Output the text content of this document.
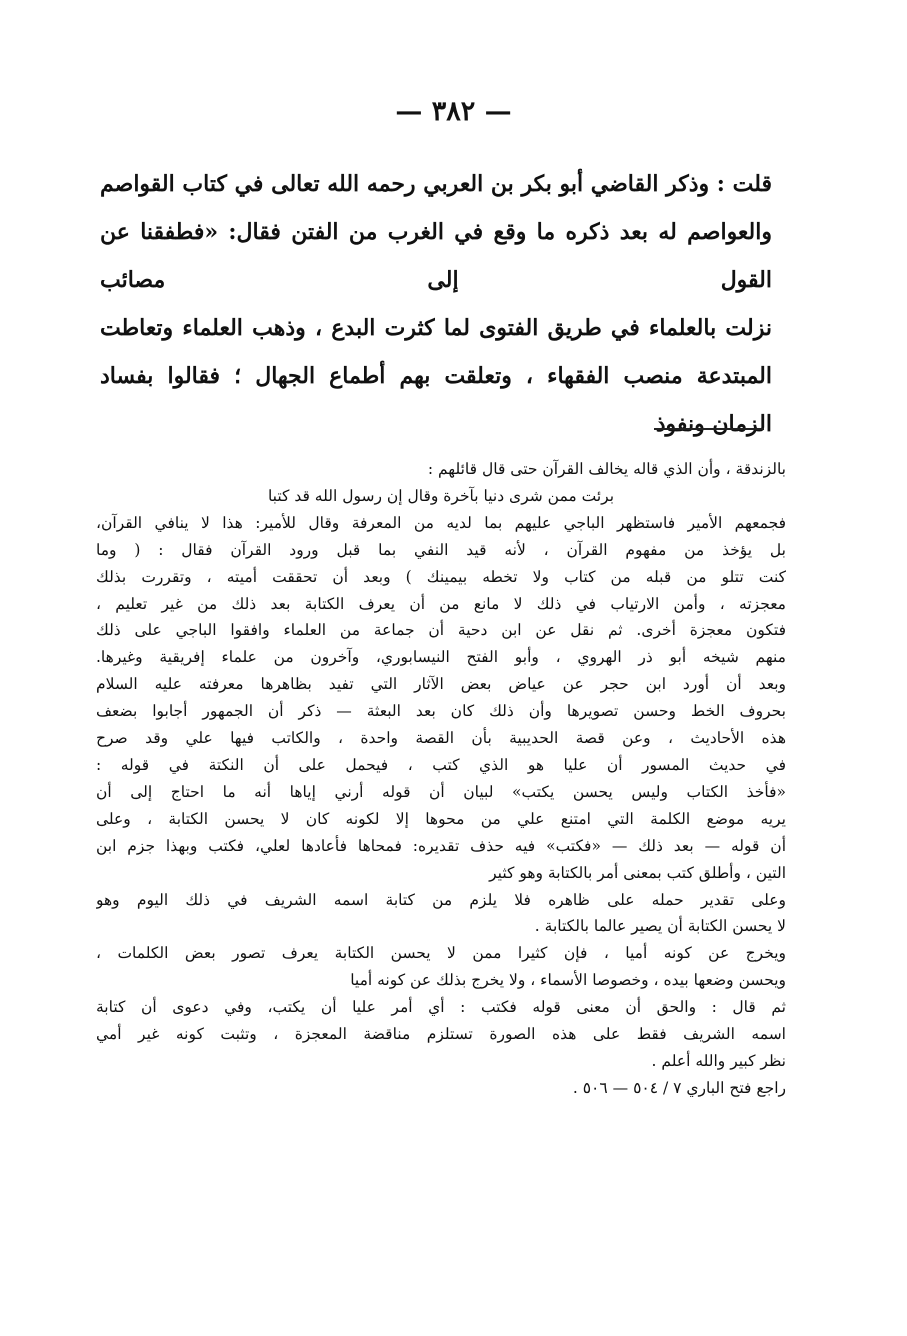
— ٣٨٢ —

قلت : وذكر القاضي أبو بكر بن العربي رحمه الله تعالى في كتاب القواصم

والعواصم له بعد ذكره ما وقع في الغرب من الفتن فقال: «فطفقنا عن القول إلى مصائب

نزلت بالعلماء في طريق الفتوى لما كثرت البدع ، وذهب العلماء وتعاطت

المبتدعة منصب الفقهاء ، وتعلقت بهم أطماع الجهال ؛ فقالوا بفساد الزمان ونفوذ

بالزندقة ، وأن الذي قاله يخالف القرآن حتى قال قائلهم :

برئت ممن شرى دنيا بآخرة وقال إن رسول الله قد كتبا

فجمعهم الأمير فاستظهر الباجي عليهم بما لديه من المعرفة وقال للأمير: هذا لا ينافي القرآن،

بل يؤخذ من مفهوم القرآن ، لأنه قيد النفي بما قبل ورود القرآن فقال : ( وما

كنت تتلو من قبله من كتاب ولا تخطه بيمينك ) وبعد أن تحققت أميته ، وتقررت بذلك

معجزته ، وأمن الارتياب في ذلك لا مانع من أن يعرف الكتابة بعد ذلك من غير تعليم ،

فتكون معجزة أخرى. ثم نقل عن ابن دحية أن جماعة من العلماء وافقوا الباجي على ذلك

منهم شيخه أبو ذر الهروي ، وأبو الفتح النيسابوري، وآخرون من علماء إفريقية وغيرها.

وبعد أن أورد ابن حجر عن عياض بعض الآثار التي تفيد بظاهرها معرفته عليه السلام

بحروف الخط وحسن تصويرها وأن ذلك كان بعد البعثة — ذكر أن الجمهور أجابوا بضعف

هذه الأحاديث ، وعن قصة الحديبية بأن القصة واحدة ، والكاتب فيها علي وقد صرح

في حديث المسور أن عليا هو الذي كتب ، فيحمل على أن النكتة في قوله :

«فأخذ الكتاب وليس يحسن يكتب» لبيان أن قوله أرني إياها أنه ما احتاج إلى أن

يريه موضع الكلمة التي امتنع علي من محوها إلا لكونه كان لا يحسن الكتابة ، وعلى

أن قوله — بعد ذلك — «فكتب» فيه حذف تقديره: فمحاها فأعادها لعلي، فكتب وبهذا جزم ابن

التين ، وأطلق كتب بمعنى أمر بالكتابة وهو كثير

وعلى تقدير حمله على ظاهره فلا يلزم من كتابة اسمه الشريف في ذلك اليوم وهو

لا يحسن الكتابة أن يصير عالما بالكتابة .

ويخرج عن كونه أميا ، فإن كثيرا ممن لا يحسن الكتابة يعرف تصور بعض الكلمات ،

ويحسن وضعها بيده ، وخصوصا الأسماء ، ولا يخرج بذلك عن كونه أميا

ثم قال : والحق أن معنى قوله فكتب : أي أمر عليا أن يكتب، وفي دعوى أن كتابة

اسمه الشريف فقط على هذه الصورة تستلزم مناقضة المعجزة ، وتثبت كونه غير أمي

نظر كبير والله أعلم .

راجع فتح الباري ٧ / ٥٠٤ — ٥٠٦ .
